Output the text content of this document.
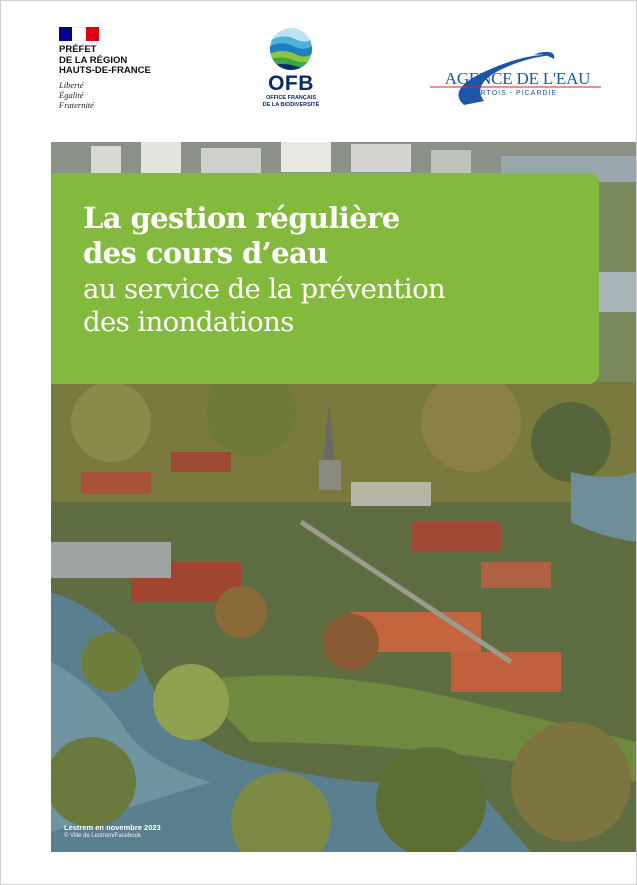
PRÉFET
DE LA RÉGION
HAUTS-DE-FRANCE
Liberté
Égalité
Fraternité
OFB
OFFICE FRANÇAIS
DE LA BIODIVERSITÉ
AGENCE DE L'EAU
ARTOIS - PICARDIE
La gestion régulière
des cours d’eau
au service de la prévention
des inondations
Lestrem en novembre 2023
© Ville de Lestrem/Facebook
